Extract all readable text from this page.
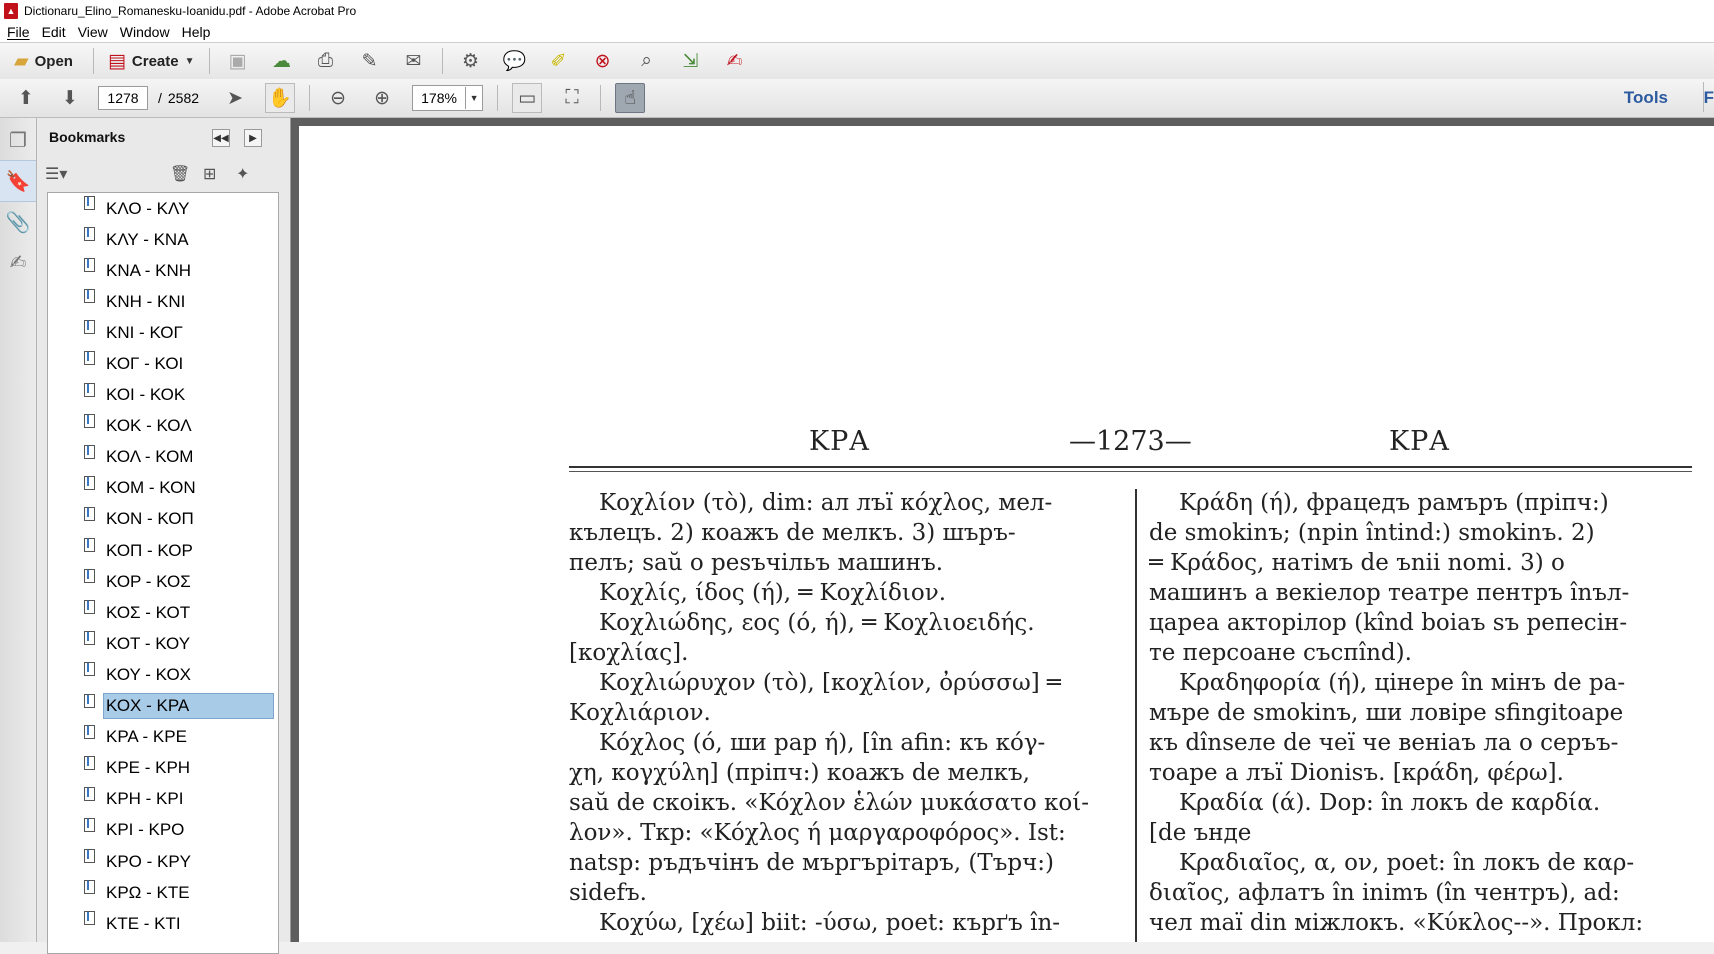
▲ Dictionaru_Elino_Romanesku-Ioanidu.pdf - Adobe Acrobat Pro
File Edit View Window Help
▰ Open ▤ Create ▼ ▣ ☁ ⎙ ✎ ✉ ⚙ 💬 ✐ ⊗ ⌕ ⇲ ✍
⬆ ⬇
1278	/ 2582 ➤ ✋ ⊖ ⊕
178%	▼ ▭ ⛶ ☝	Tools F
❐
🔖
📎
✍
Bookmarks	◀◀	▶
☰▾	🗑 ⊞ ✦
ΚΛΟ - ΚΛΥ
ΚΛΥ - ΚΝΑ
ΚΝΑ - ΚΝΗ
ΚΝΗ - ΚΝΙ
ΚΝΙ - ΚΟΓ
ΚΟΓ - ΚΟΙ
ΚΟΙ - ΚΟΚ
ΚΟΚ - ΚΟΛ
ΚΟΛ - ΚΟΜ
ΚΟΜ - ΚΟΝ
ΚΟΝ - ΚΟΠ
ΚΟΠ - ΚΟΡ
ΚΟΡ - ΚΟΣ
ΚΟΣ - ΚΟΤ
ΚΟΤ - ΚΟΥ
ΚΟΥ - ΚΟΧ
ΚΟΧ - ΚΡΑ
ΚΡΑ - ΚΡΕ
ΚΡΕ - ΚΡΗ
ΚΡΗ - ΚΡΙ
ΚΡΙ - ΚΡΟ
ΚΡΟ - ΚΡΥ
ΚΡΩ - ΚΤΕ
ΚΤΕ - ΚΤΙ
ΚΡΑ	—1273—	ΚΡΑ
Κοχλίον (τὸ), dim: ал лъї κόχλος, мел-
кълецъ. 2) коажъ de мелкъ. 3) шъръ-
пелъ; saŭ o pesъчiльъ машинъ.
Κοχλίς, ίδος (ή), ═ Κοχλίδιον.
Κοχλιώδης, εος (ό, ή), ═ Κοχλιοειδής.
[κοχλίας].
Κοχλιώρυχον (τὸ), [κοχλίον, ὀρύσσω] ═
Κοχλιάριον.
Κόχλος (ό, ши рар ή), [în afin: къ κόγ-
χη, κογχύλη] (пріпч:) коажъ de мелкъ,
saŭ de скоікъ. «Κόχλον ἑλών μυκάσατο κοί-
λον». Ткр: «Κόχλος ή μαργαροφόρος». Ist:
natsp: ръдъчінъ de мъргърітаръ, (Тъpч:)
sidefъ.
Κοχύω, [χέω] biit: -ύσω, poet: кърґъ în-
Κράδη (ή), фрацедъ рамъръ (пріпч:)
de smokinъ; (npin întind:) smokinъ. 2)
═ Κράδος, натімъ de ъnii nomi. 3) o
машинъ a векіелор театре пентръ înъл-
цареа акторілор (kînd boiaъ sъ репесін-
те персоане съспînd).
Κραδηφορία (ή), цінере în мінъ de pa-
мъре de smokinъ, ши ловіре sfingitoape
къ dînsеле de чеї че веніаъ ла o серъъ-
тоаре a лъї Dionisъ. [κράδη, φέρω].
Κραδία (ά). Dop: în локъ de καρδία.
[de ънде
Κραδιαῖος, α, ον, poet: în локъ de καρ-
διαῖος, афлатъ în inimъ (în чентръ), ad:
чел maї din міжлокъ. «Κύκλος--». Прокл:
